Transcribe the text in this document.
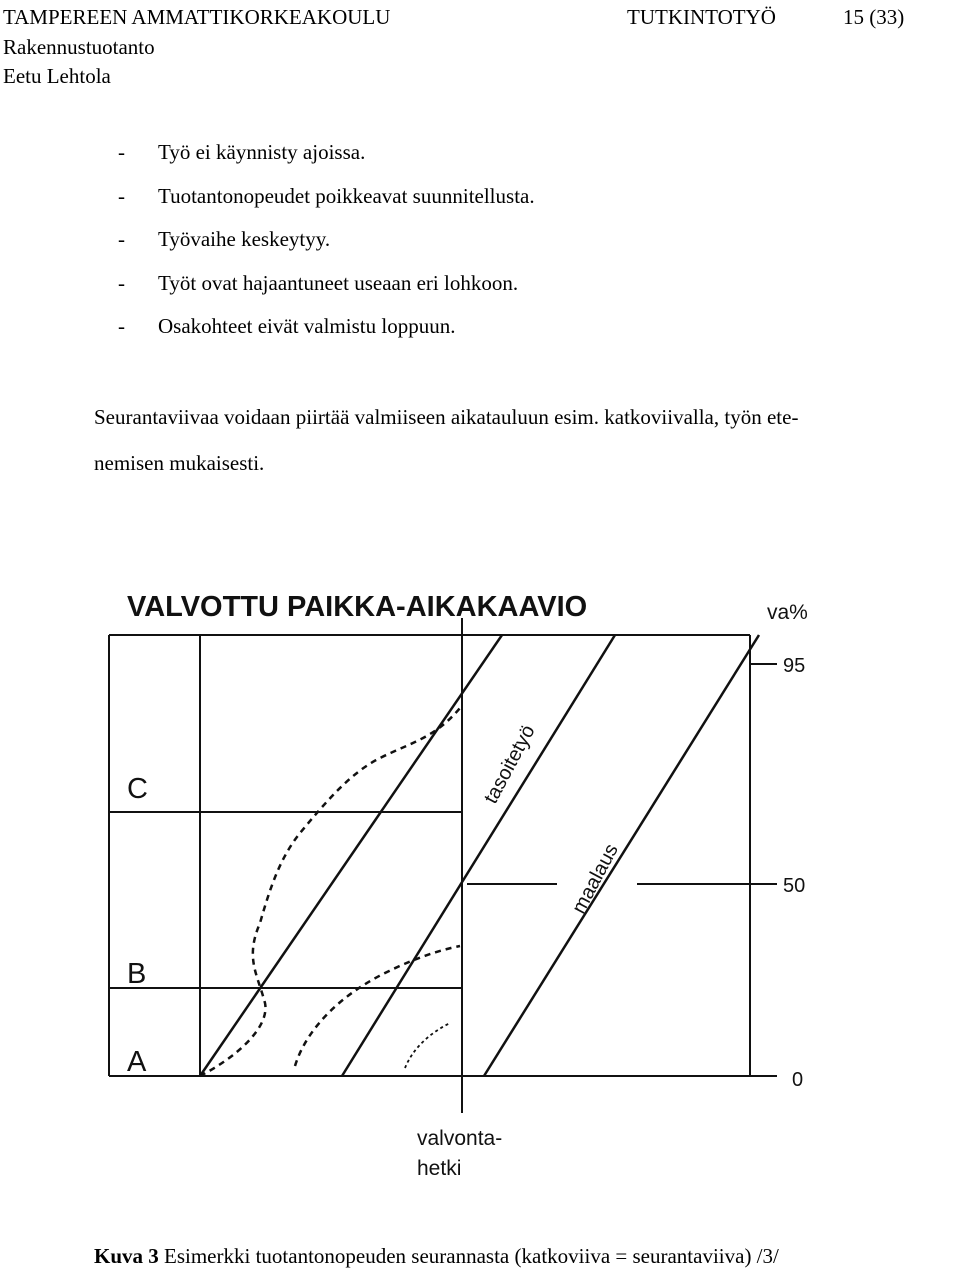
TAMPEREEN AMMATTIKORKEAKOULU	TUTKINTOTYÖ	15 (33)
Rakennustuotanto
Eetu Lehtola
- Työ ei käynnisty ajoissa.
- Tuotantonopeudet poikkeavat suunnitellusta.
- Työvaihe keskeytyy.
- Työt ovat hajaantuneet useaan eri lohkoon.
- Osakohteet eivät valmistu loppuun.
Seurantaviivaa voidaan piirtää valmiiseen aikatauluun esim. katkoviivalla, työn ete-
nemisen mukaisesti.
VALVOTTU PAIKKA-AIKAKAAVIO	va%
95
50
0
C
B
A
tasoitetyö
maalaus
valvonta-
hetki
Kuva 3 Esimerkki tuotantonopeuden seurannasta (katkoviiva = seurantaviiva) /3/
